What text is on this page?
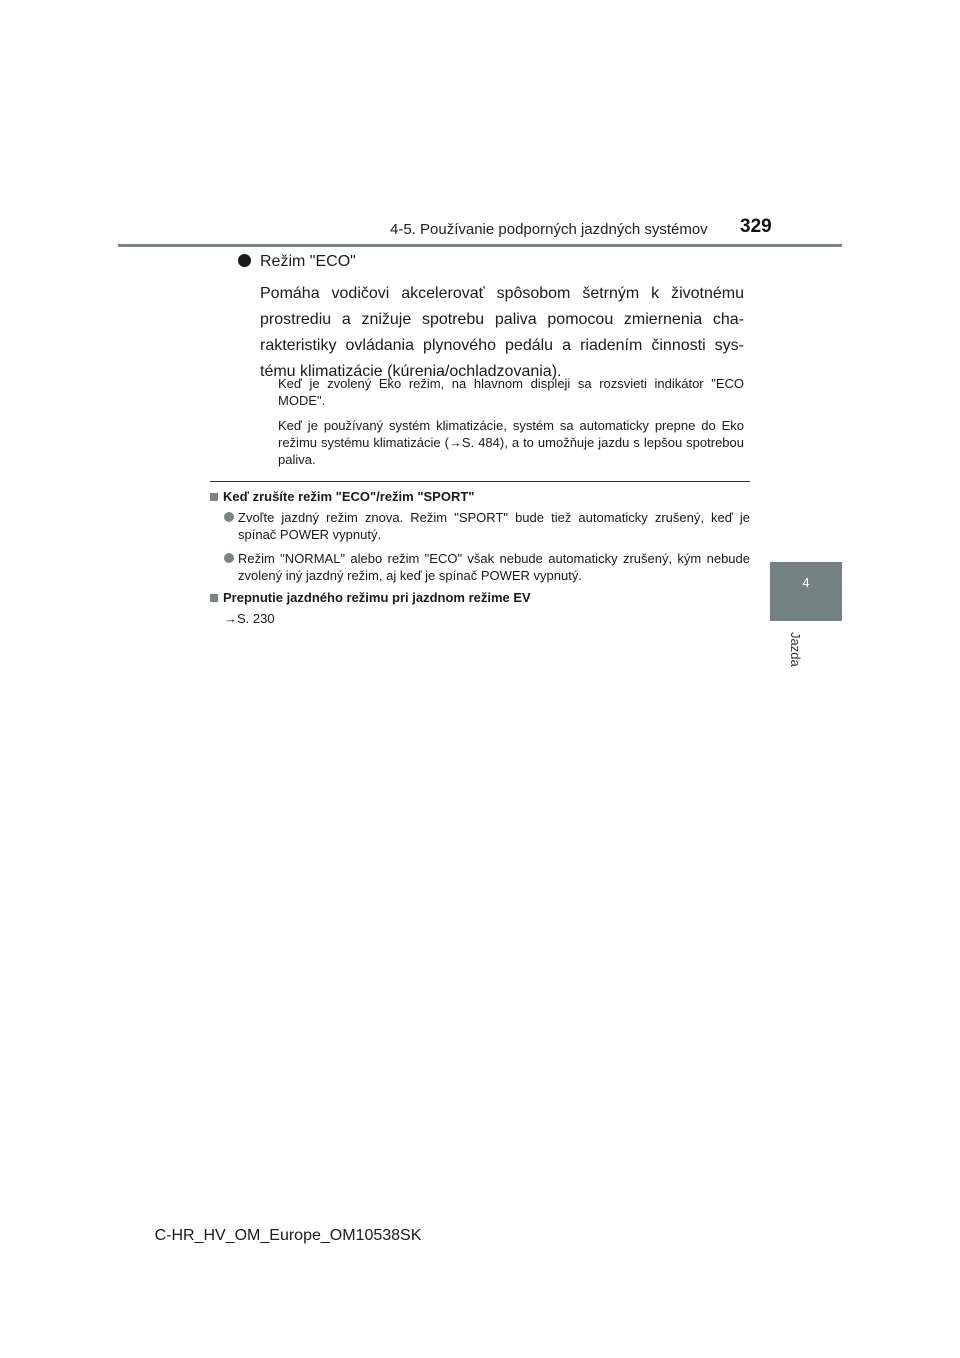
4-5. Používanie podporných jazdných systémov 329
4
Jazda
Režim "ECO"
Pomáha vodičovi akcelerovať spôsobom šetrným k životnému
prostrediu a znižuje spotrebu paliva pomocou zmiernenia cha-
rakteristiky ovládania plynového pedálu a riadením činnosti sys-
tému klimatizácie (kúrenia/ochladzovania).
Keď je zvolený Eko režim, na hlavnom displeji sa rozsvieti indikátor "ECO MODE".
Keď je používaný systém klimatizácie, systém sa automaticky prepne do Eko režimu systému klimatizácie (→S. 484), a to umožňuje jazdu s lepšou spotrebou paliva.
Keď zrušíte režim "ECO"/režim "SPORT"
Zvoľte jazdný režim znova. Režim "SPORT" bude tiež automaticky zrušený, keď je spínač POWER vypnutý.
Režim "NORMAL" alebo režim "ECO" však nebude automaticky zrušený, kým nebude zvolený iný jazdný režim, aj keď je spínač POWER vypnutý.
Prepnutie jazdného režimu pri jazdnom režime EV
→S. 230
C-HR_HV_OM_Europe_OM10538SK
